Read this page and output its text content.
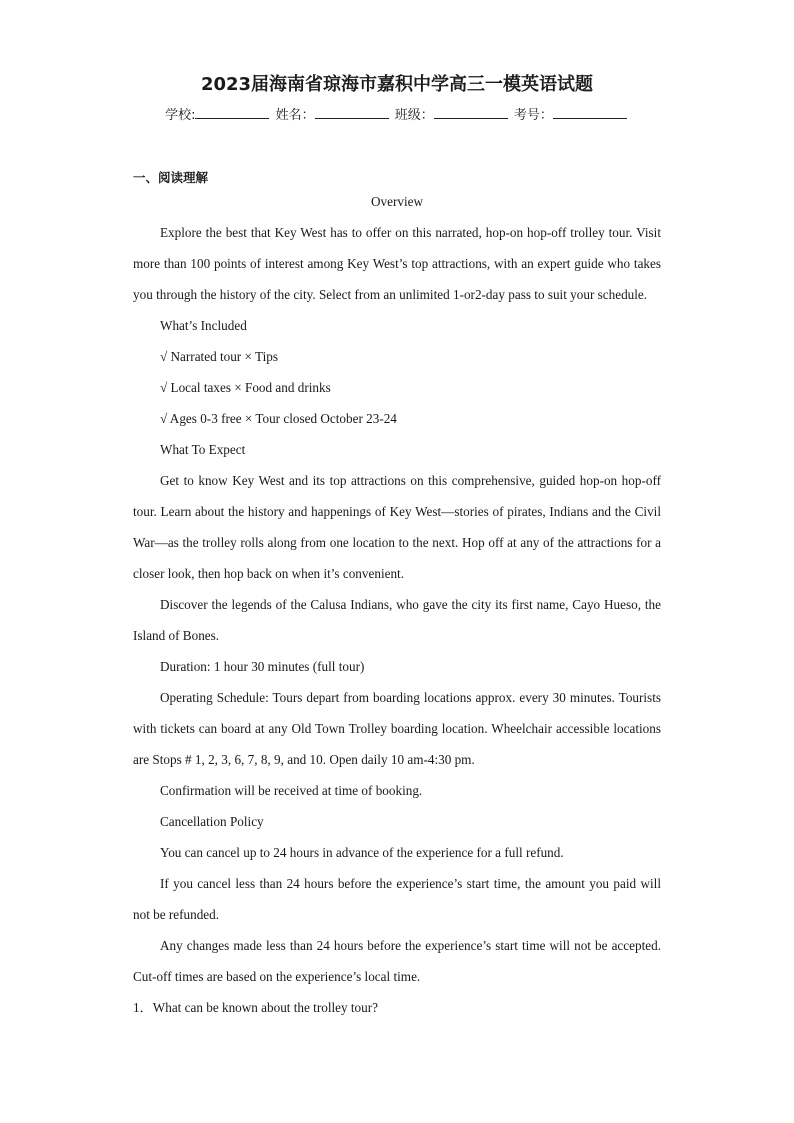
2023届海南省琼海市嘉积中学高三一模英语试题
学校:	姓名：	班级：	考号：
一、阅读理解

Overview

Explore the best that Key West has to offer on this narrated, hop-on hop-off trolley tour. Visit more than 100 points of interest among Key West’s top attractions, with an expert guide who takes you through the history of the city. Select from an unlimited 1-or2-day pass to suit your schedule.

What’s Included

√ Narrated tour × Tips

√ Local taxes × Food and drinks

√ Ages 0-3 free × Tour closed October 23-24

What To Expect

Get to know Key West and its top attractions on this comprehensive, guided hop-on hop-off tour. Learn about the history and happenings of Key West—stories of pirates, Indians and the Civil War—as the trolley rolls along from one location to the next. Hop off at any of the attractions for a closer look, then hop back on when it’s convenient.

Discover the legends of the Calusa Indians, who gave the city its first name, Cayo Hueso, the Island of Bones.

Duration: 1 hour 30 minutes (full tour)

Operating Schedule: Tours depart from boarding locations approx. every 30 minutes. Tourists with tickets can board at any Old Town Trolley boarding location. Wheelchair accessible locations are Stops # 1, 2, 3, 6, 7, 8, 9, and 10. Open daily 10 am-4:30 pm.

Confirmation will be received at time of booking.

Cancellation Policy

You can cancel up to 24 hours in advance of the experience for a full refund.

If you cancel less than 24 hours before the experience’s start time, the amount you paid will not be refunded.

Any changes made less than 24 hours before the experience’s start time will not be accepted. Cut-off times are based on the experience’s local time.

1．What can be known about the trolley tour?
